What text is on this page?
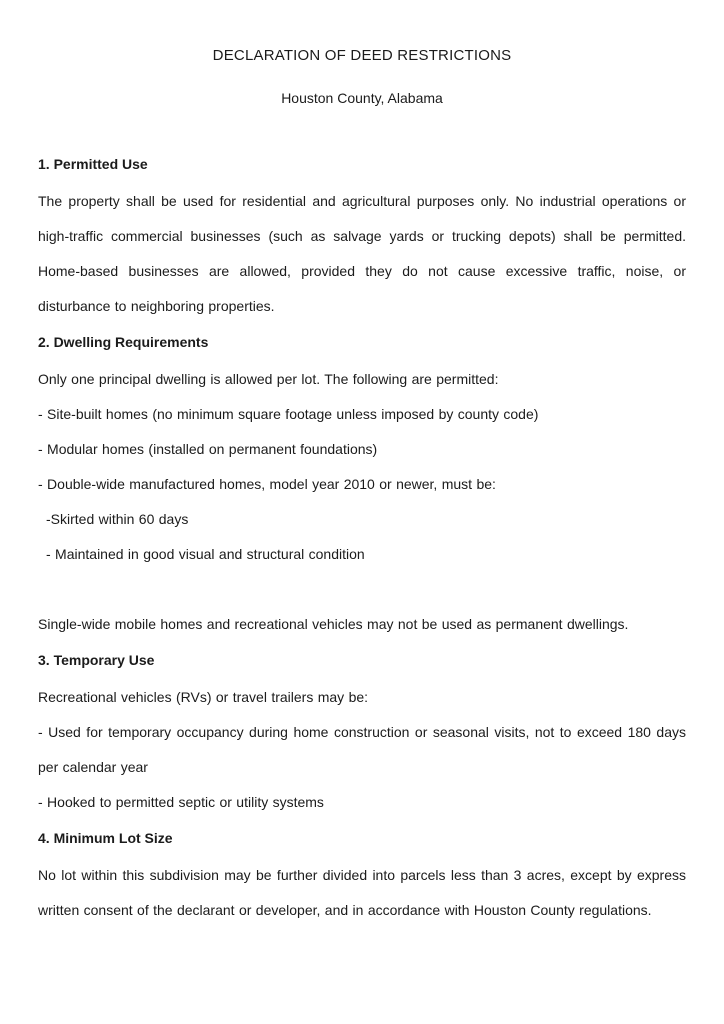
DECLARATION OF DEED RESTRICTIONS
Houston County, Alabama
1. Permitted Use

The property shall be used for residential and agricultural purposes only. No industrial operations or high-traffic commercial businesses (such as salvage yards or trucking depots) shall be permitted. Home-based businesses are allowed, provided they do not cause excessive traffic, noise, or disturbance to neighboring properties.

2. Dwelling Requirements

Only one principal dwelling is allowed per lot. The following are permitted:

- Site-built homes (no minimum square footage unless imposed by county code)

- Modular homes (installed on permanent foundations)

- Double-wide manufactured homes, model year 2010 or newer, must be:

-Skirted within 60 days

- Maintained in good visual and structural condition

Single-wide mobile homes and recreational vehicles may not be used as permanent dwellings.

3. Temporary Use

Recreational vehicles (RVs) or travel trailers may be:

- Used for temporary occupancy during home construction or seasonal visits, not to exceed 180 days per calendar year

- Hooked to permitted septic or utility systems

4. Minimum Lot Size

No lot within this subdivision may be further divided into parcels less than 3 acres, except by express written consent of the declarant or developer, and in accordance with Houston County regulations.
